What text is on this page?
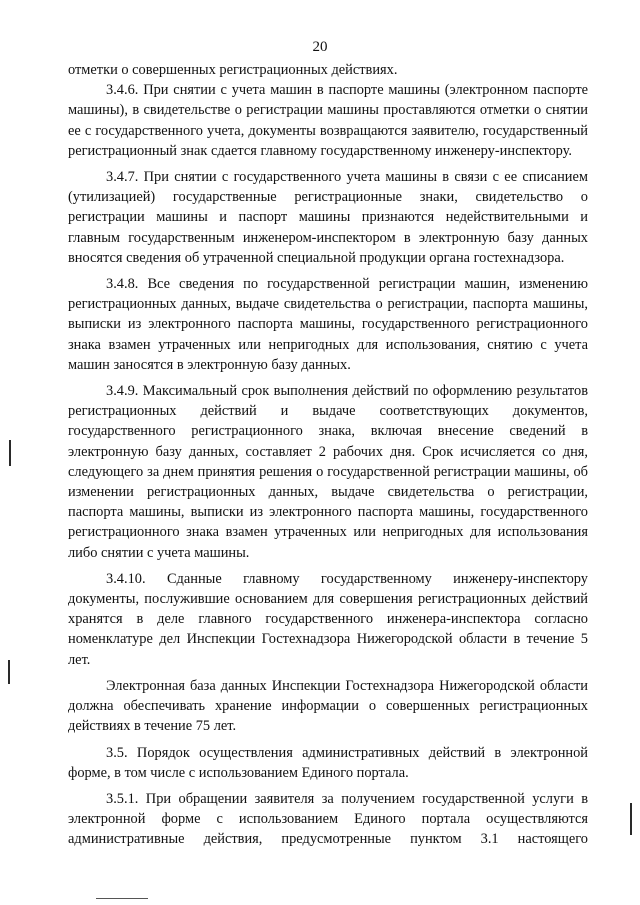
20

отметки о совершенных регистрационных действиях.

3.4.6. При снятии с учета машин в паспорте машины (электронном паспорте машины), в свидетельстве о регистрации машины проставляются отметки о снятии ее с государственного учета, документы возвращаются заявителю, государственный регистрационный знак сдается главному государственному инженеру-инспектору.

3.4.7. При снятии с государственного учета машины в связи с ее списанием (утилизацией) государственные регистрационные знаки, свидетельство о регистрации машины и паспорт машины признаются недействительными и главным государственным инженером-инспектором в электронную базу данных вносятся сведения об утраченной специальной продукции органа гостехнадзора.

3.4.8. Все сведения по государственной регистрации машин, изменению регистрационных данных, выдаче свидетельства о регистрации, паспорта машины, выписки из электронного паспорта машины, государственного регистрационного знака взамен утраченных или непригодных для использования, снятию с учета машин заносятся в электронную базу данных.

3.4.9. Максимальный срок выполнения действий по оформлению результатов регистрационных действий и выдаче соответствующих документов, государственного регистрационного знака, включая внесение сведений в электронную базу данных, составляет 2 рабочих дня. Срок исчисляется со дня, следующего за днем принятия решения о государственной регистрации машины, об изменении регистрационных данных, выдаче свидетельства о регистрации, паспорта машины, выписки из электронного паспорта машины, государственного регистрационного знака взамен утраченных или непригодных для использования либо снятии с учета машины.

3.4.10. Сданные главному государственному инженеру-инспектору документы, послужившие основанием для совершения регистрационных действий хранятся в деле главного государственного инженера-инспектора согласно номенклатуре дел Инспекции Гостехнадзора Нижегородской области в течение 5 лет.

Электронная база данных Инспекции Гостехнадзора Нижегородской области должна обеспечивать хранение информации о совершенных регистрационных действиях в течение 75 лет.

3.5. Порядок осуществления административных действий в электронной форме, в том числе с использованием Единого портала.

3.5.1. При обращении заявителя за получением государственной услуги в электронной форме с использованием Единого портала осуществляются административные действия, предусмотренные пунктом 3.1 настоящего
